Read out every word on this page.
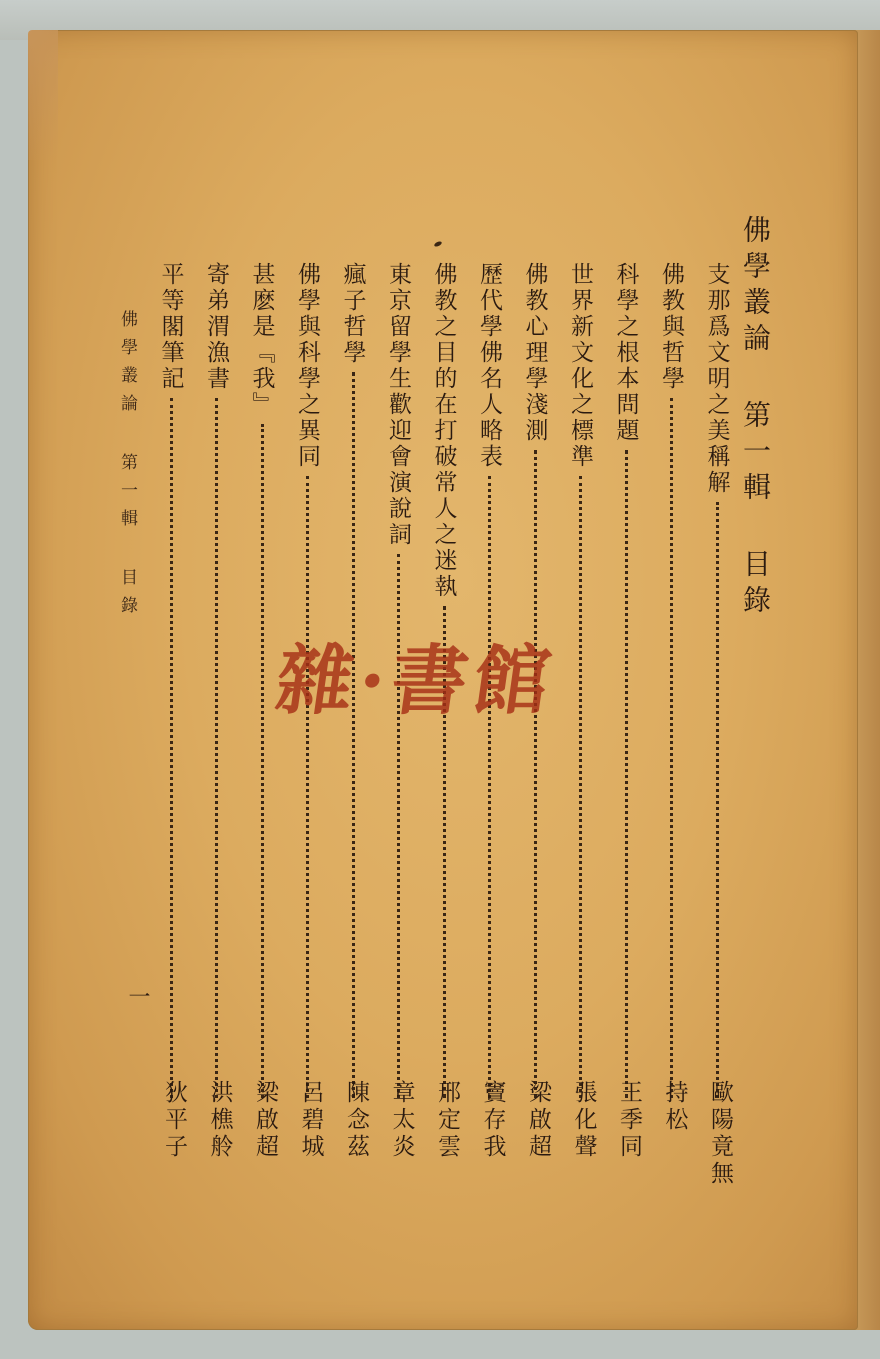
佛學叢論 第一輯 目錄

支那爲文明之美稱解
歐陽竟無
佛教與哲學
持松
科學之根本問題
王季同
世界新文化之標準
張化聲
佛教心理學淺測
梁啟超
歷代學佛名人略表
竇存我
佛教之目的在打破常人之迷執
邢定雲
東京留學生歡迎會演說詞
章太炎
瘋子哲學
陳念茲
佛學與科學之異同
呂碧城
甚麽是『我』
梁啟超
寄弟渭漁書
洪樵舲
平等閣筆記
狄平子

佛學叢論 第一輯 目錄

一

雜·書館
